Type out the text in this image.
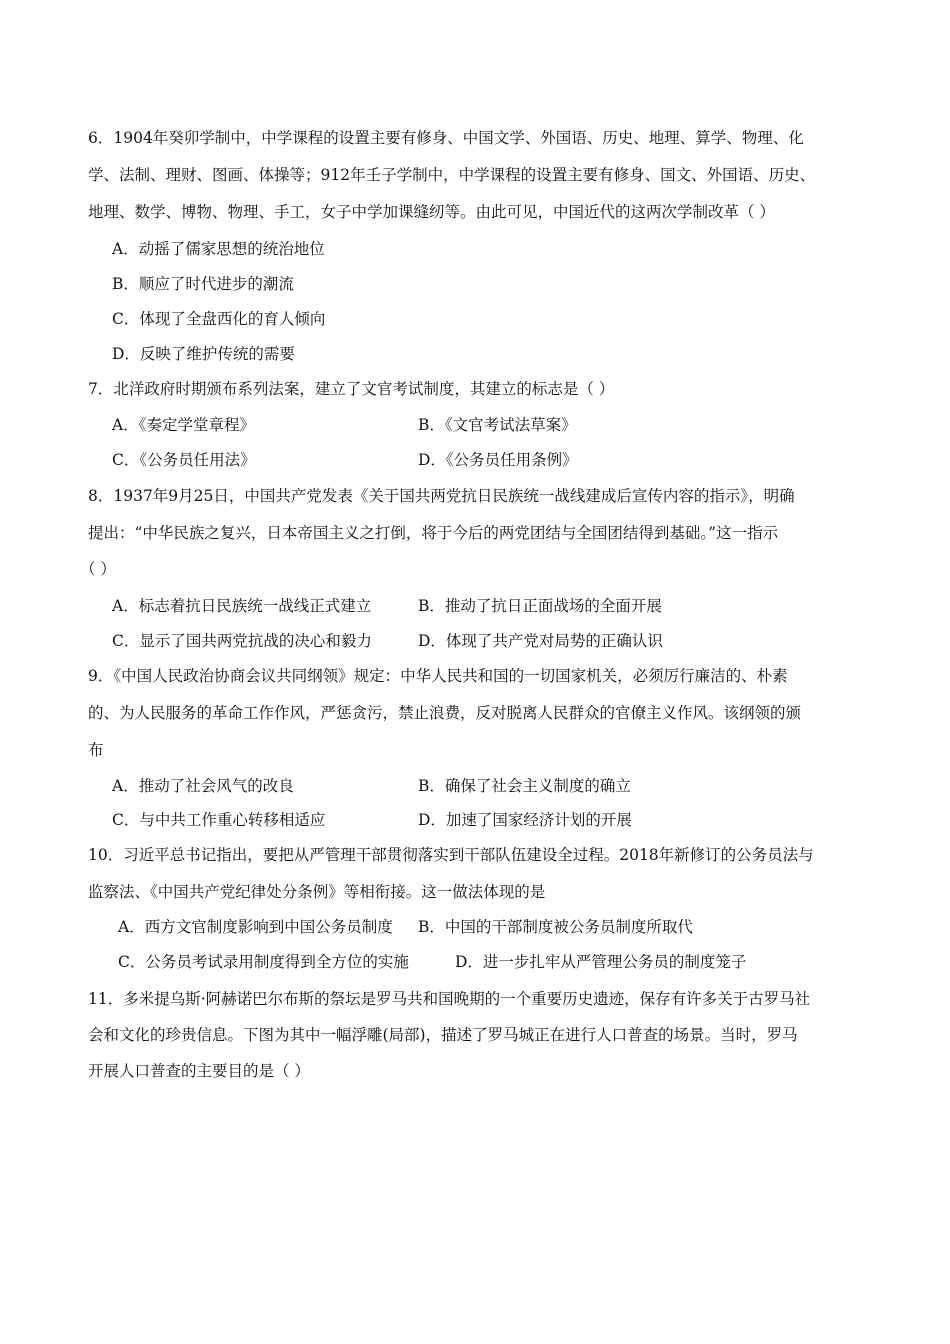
6．1904年癸卯学制中，中学课程的设置主要有修身、中国文学、外国语、历史、地理、算学、物理、化
学、法制、理财、图画、体操等；912年壬子学制中，中学课程的设置主要有修身、国文、外国语、历史、
地理、数学、博物、物理、手工，女子中学加课缝纫等。由此可见，中国近代的这两次学制改革（ ）
A．动摇了儒家思想的统治地位
B．顺应了时代进步的潮流
C．体现了全盘西化的育人倾向
D．反映了维护传统的需要
7．北洋政府时期颁布系列法案，建立了文官考试制度，其建立的标志是（ ）
A．《奏定学堂章程》	B．《文官考试法草案》
C．《公务员任用法》	D．《公务员任用条例》
8．1937年9月25日，中国共产党发表《关于国共两党抗日民族统一战线建成后宣传内容的指示》，明确
提出：“中华民族之复兴，日本帝国主义之打倒，将于今后的两党团结与全国团结得到基础。”这一指示
（ ）
A．标志着抗日民族统一战线正式建立	B．推动了抗日正面战场的全面开展
C．显示了国共两党抗战的决心和毅力	D．体现了共产党对局势的正确认识
9．《中国人民政治协商会议共同纲领》规定：中华人民共和国的一切国家机关，必须厉行廉洁的、朴素
的、为人民服务的革命工作作风，严惩贪污，禁止浪费，反对脱离人民群众的官僚主义作风。该纲领的颁
布
A．推动了社会风气的改良	B．确保了社会主义制度的确立
C．与中共工作重心转移相适应	D．加速了国家经济计划的开展
10．习近平总书记指出，要把从严管理干部贯彻落实到干部队伍建设全过程。2018年新修订的公务员法与
监察法、《中国共产党纪律处分条例》等相衔接。这一做法体现的是
A．西方文官制度影响到中国公务员制度 B．中国的干部制度被公务员制度所取代
C．公务员考试录用制度得到全方位的实施	D．进一步扎牢从严管理公务员的制度笼子
11．多米提乌斯·阿赫诺巴尔布斯的祭坛是罗马共和国晚期的一个重要历史遗迹，保存有许多关于古罗马社
会和文化的珍贵信息。下图为其中一幅浮雕(局部)，描述了罗马城正在进行人口普查的场景。当时，罗马
开展人口普查的主要目的是（ ）
